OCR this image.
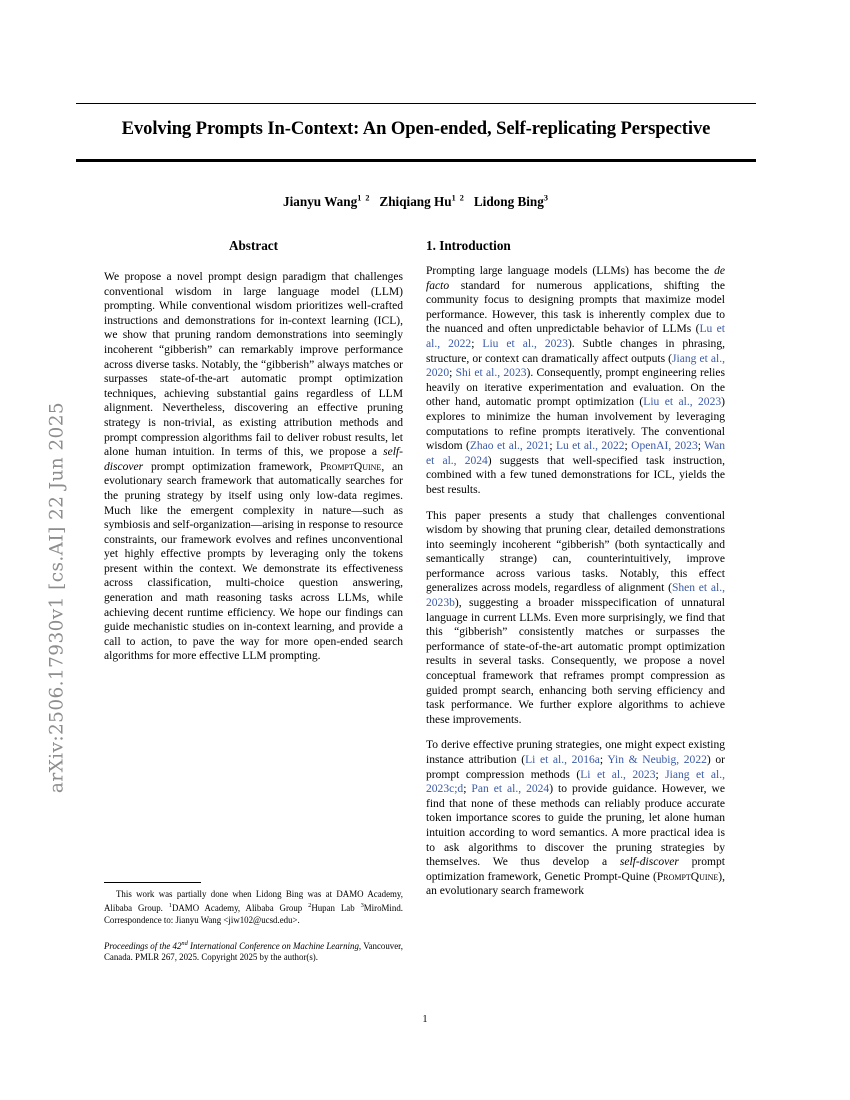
arXiv:2506.17930v1 [cs.AI] 22 Jun 2025
Evolving Prompts In-Context: An Open-ended, Self-replicating Perspective
Jianyu Wang$^{1 2}$ Zhiqiang Hu$^{1 2}$ Lidong Bing$^3$
Abstract

We propose a novel prompt design paradigm that challenges conventional wisdom in large language model (LLM) prompting. While conventional wisdom prioritizes well-crafted instructions and demonstrations for in-context learning (ICL), we show that pruning random demonstrations into seemingly incoherent “gibberish” can remarkably improve performance across diverse tasks. Notably, the “gibberish” always matches or surpasses state-of-the-art automatic prompt optimization techniques, achieving substantial gains regardless of LLM alignment. Nevertheless, discovering an effective pruning strategy is non-trivial, as existing attribution methods and prompt compression algorithms fail to deliver robust results, let alone human intuition. In terms of this, we propose a self-discover prompt optimization framework, PromptQuine, an evolutionary search framework that automatically searches for the pruning strategy by itself using only low-data regimes. Much like the emergent complexity in nature—such as symbiosis and self-organization—arising in response to resource constraints, our framework evolves and refines unconventional yet highly effective prompts by leveraging only the tokens present within the context. We demonstrate its effectiveness across classification, multi-choice question answering, generation and math reasoning tasks across LLMs, while achieving decent runtime efficiency. We hope our findings can guide mechanistic studies on in-context learning, and provide a call to action, to pave the way for more open-ended search algorithms for more effective LLM prompting.

1. Introduction

Prompting large language models (LLMs) has become the de facto standard for numerous applications, shifting the community focus to designing prompts that maximize model performance. However, this task is inherently complex due to the nuanced and often unpredictable behavior of LLMs (Lu et al., 2022; Liu et al., 2023). Subtle changes in phrasing, structure, or context can dramatically affect outputs (Jiang et al., 2020; Shi et al., 2023). Consequently, prompt engineering relies heavily on iterative experimentation and evaluation. On the other hand, automatic prompt optimization (Liu et al., 2023) explores to minimize the human involvement by leveraging computations to refine prompts iteratively. The conventional wisdom (Zhao et al., 2021; Lu et al., 2022; OpenAI, 2023; Wan et al., 2024) suggests that well-specified task instruction, combined with a few tuned demonstrations for ICL, yields the best results.

This paper presents a study that challenges conventional wisdom by showing that pruning clear, detailed demonstrations into seemingly incoherent “gibberish” (both syntactically and semantically strange) can, counterintuitively, improve performance across various tasks. Notably, this effect generalizes across models, regardless of alignment (Shen et al., 2023b), suggesting a broader misspecification of unnatural language in current LLMs. Even more surprisingly, we find that this “gibberish” consistently matches or surpasses the performance of state-of-the-art automatic prompt optimization results in several tasks. Consequently, we propose a novel conceptual framework that reframes prompt compression as guided prompt search, enhancing both serving efficiency and task performance. We further explore algorithms to achieve these improvements.

To derive effective pruning strategies, one might expect existing instance attribution (Li et al., 2016a; Yin & Neubig, 2022) or prompt compression methods (Li et al., 2023; Jiang et al., 2023c;d; Pan et al., 2024) to provide guidance. However, we find that none of these methods can reliably produce accurate token importance scores to guide the pruning, let alone human intuition according to word semantics. A more practical idea is to ask algorithms to discover the pruning strategies by themselves. We thus develop a self-discover prompt optimization framework, Genetic Prompt-Quine (PromptQuine), an evolutionary search framework

This work was partially done when Lidong Bing was at DAMO Academy, Alibaba Group. $^1$DAMO Academy, Alibaba Group $^2$Hupan Lab $^3$MiroMind. Correspondence to: Jianyu Wang <jiw102@ucsd.edu>.
Proceedings of the 42nd International Conference on Machine Learning, Vancouver, Canada. PMLR 267, 2025. Copyright 2025 by the author(s).
1
